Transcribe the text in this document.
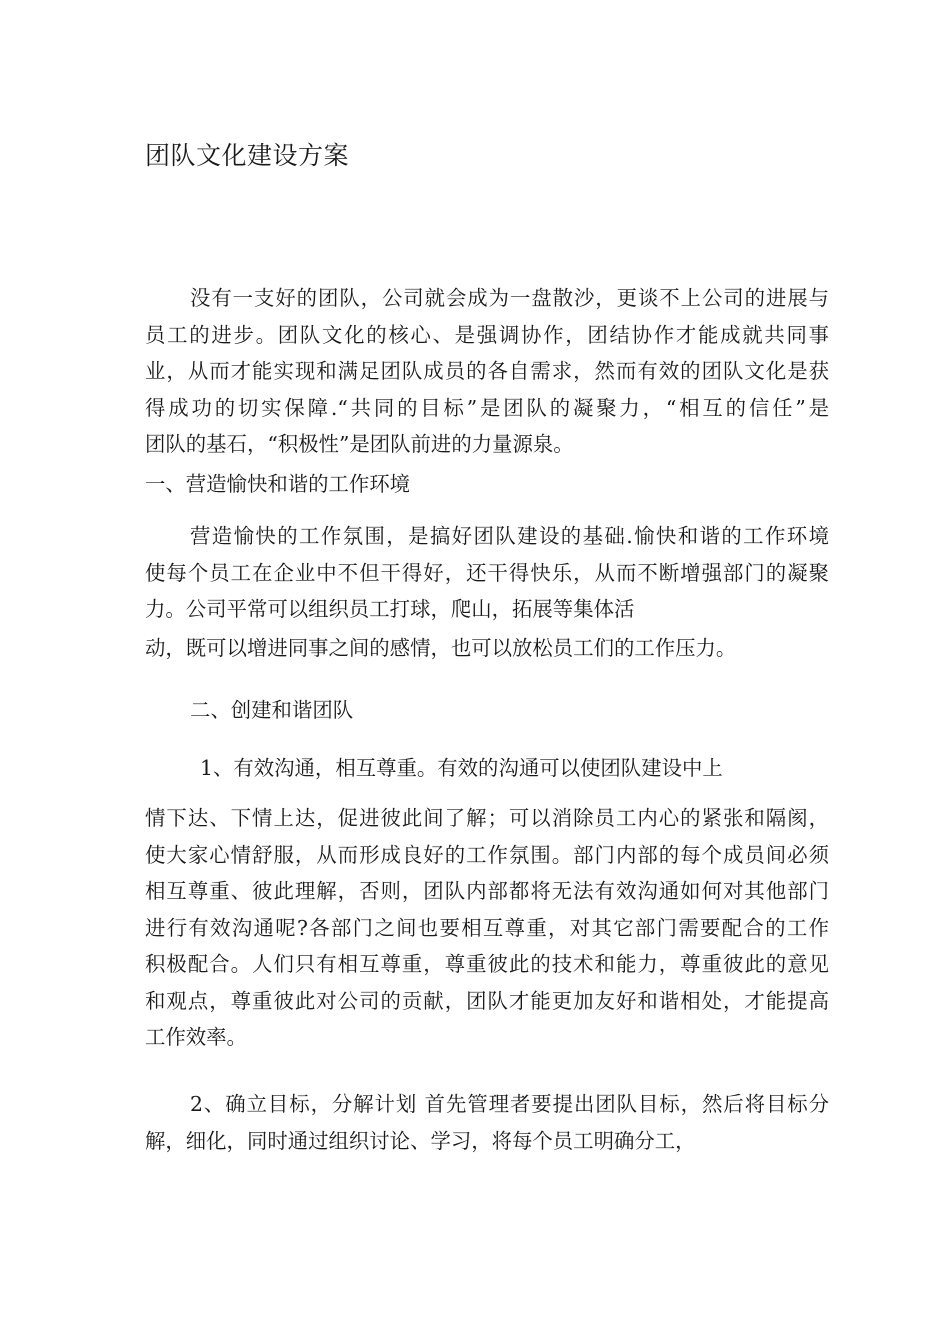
团队文化建设方案
没有一支好的团队，公司就会成为一盘散沙，更谈不上公司的进展与
员工的进步。团队文化的核心、是强调协作，团结协作才能成就共同事
业，从而才能实现和满足团队成员的各自需求，然而有效的团队文化是获
得成功的切实保障.“共同的目标”是团队的凝聚力，“相互的信任”是
团队的基石，“积极性”是团队前进的力量源泉。
一、营造愉快和谐的工作环境
营造愉快的工作氛围，是搞好团队建设的基础.愉快和谐的工作环境
使每个员工在企业中不但干得好，还干得快乐，从而不断增强部门的凝聚
力。公司平常可以组织员工打球，爬山，拓展等集体活
动，既可以增进同事之间的感情，也可以放松员工们的工作压力。
二、创建和谐团队
1、有效沟通，相互尊重。有效的沟通可以使团队建设中上
情下达、下情上达，促进彼此间了解；可以消除员工内心的紧张和隔阂，
使大家心情舒服，从而形成良好的工作氛围。部门内部的每个成员间必须
相互尊重、彼此理解，否则，团队内部都将无法有效沟通如何对其他部门
进行有效沟通呢?各部门之间也要相互尊重，对其它部门需要配合的工作
积极配合。人们只有相互尊重，尊重彼此的技术和能力，尊重彼此的意见
和观点，尊重彼此对公司的贡献，团队才能更加友好和谐相处，才能提高
工作效率。
2、确立目标，分解计划 首先管理者要提出团队目标，然后将目标分
解，细化，同时通过组织讨论、学习，将每个员工明确分工，
